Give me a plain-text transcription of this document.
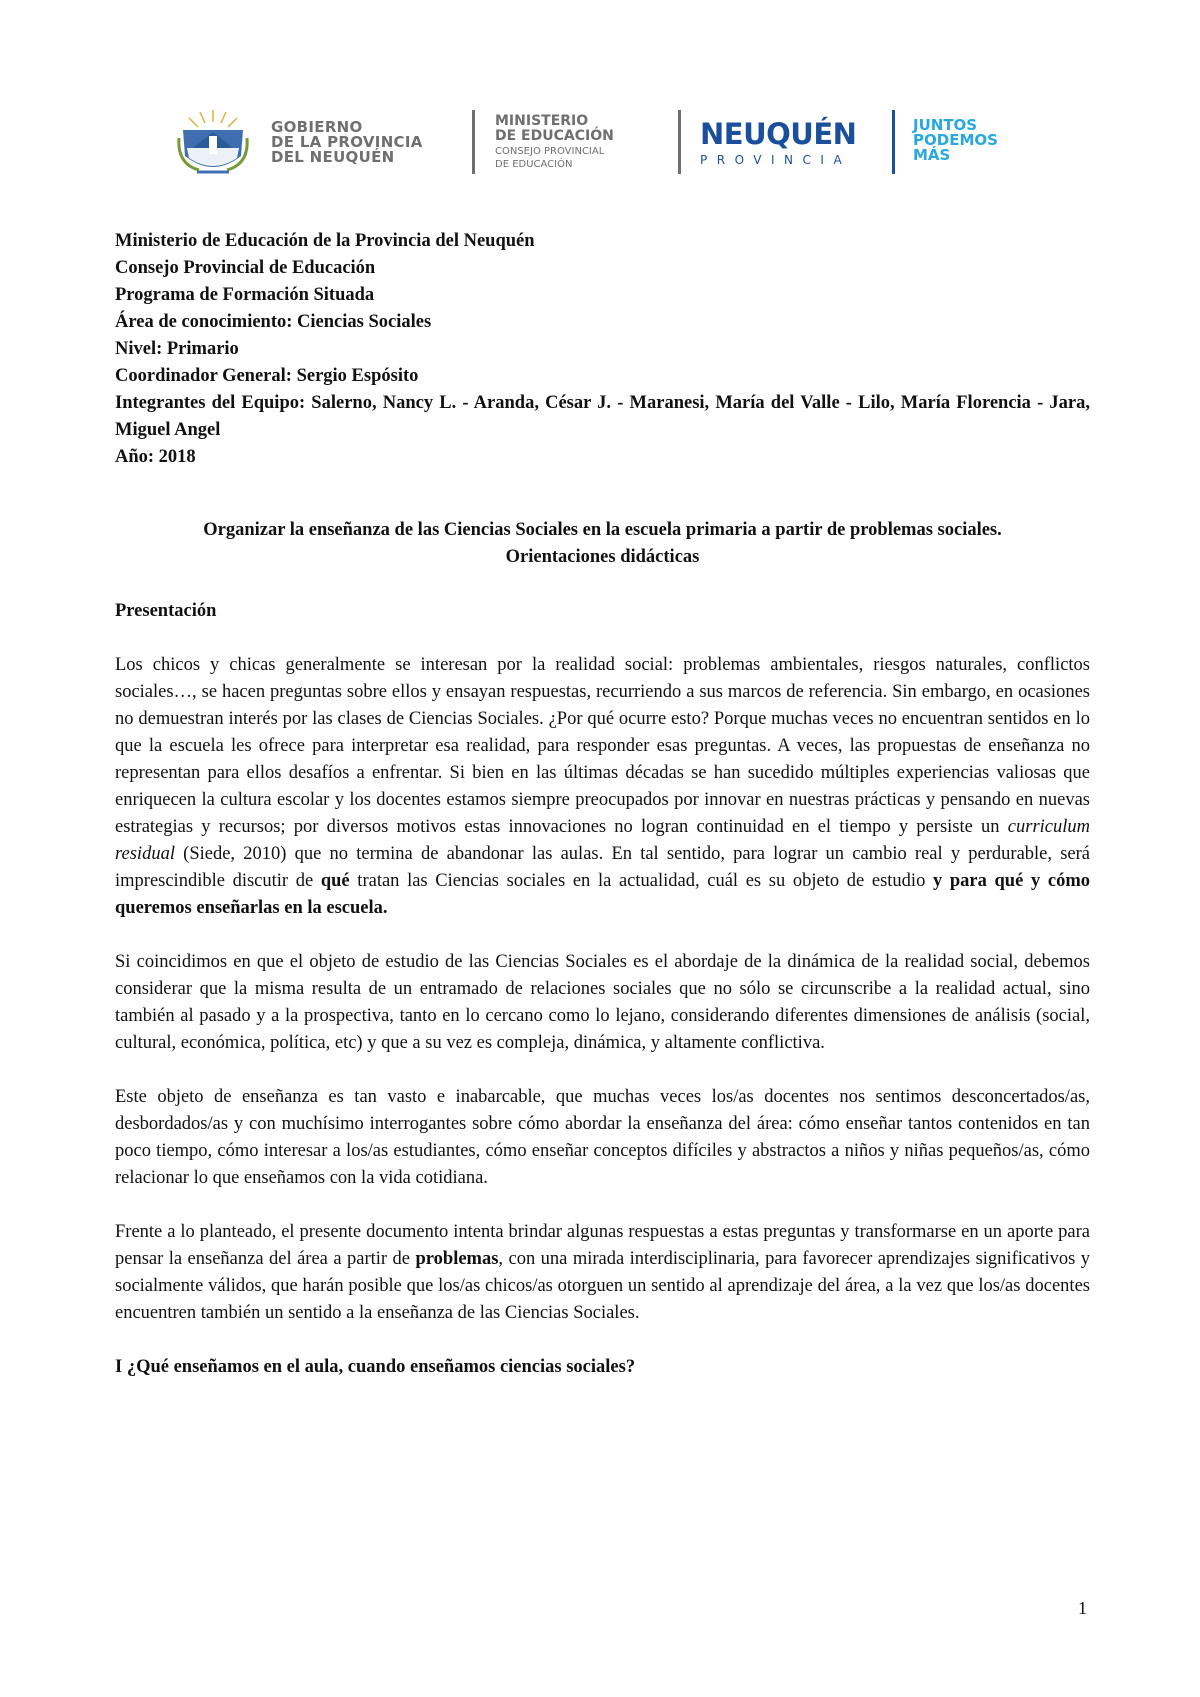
GOBIERNO
DE LA PROVINCIA
DEL NEUQUÉN
MINISTERIO
DE EDUCACIÓN
CONSEJO PROVINCIAL
DE EDUCACIÓN
NEUQUÉN
PROVINCIA
JUNTOS
PODEMOS
MÁS
Ministerio de Educación de la Provincia del Neuquén
Consejo Provincial de Educación
Programa de Formación Situada
Área de conocimiento: Ciencias Sociales
Nivel: Primario
Coordinador General: Sergio Espósito
Integrantes del Equipo: Salerno, Nancy L. - Aranda, César J. - Maranesi, María del Valle - Lilo, María Florencia - Jara, Miguel Angel
Año: 2018
Organizar la enseñanza de las Ciencias Sociales en la escuela primaria a partir de problemas sociales.
Orientaciones didácticas
Presentación

Los chicos y chicas generalmente se interesan por la realidad social: problemas ambientales, riesgos naturales, conflictos sociales…, se hacen preguntas sobre ellos y ensayan respuestas, recurriendo a sus marcos de referencia. Sin embargo, en ocasiones no demuestran interés por las clases de Ciencias Sociales. ¿Por qué ocurre esto? Porque muchas veces no encuentran sentidos en lo que la escuela les ofrece para interpretar esa realidad, para responder esas preguntas. A veces, las propuestas de enseñanza no representan para ellos desafíos a enfrentar. Si bien en las últimas décadas se han sucedido múltiples experiencias valiosas que enriquecen la cultura escolar y los docentes estamos siempre preocupados por innovar en nuestras prácticas y pensando en nuevas estrategias y recursos; por diversos motivos estas innovaciones no logran continuidad en el tiempo y persiste un curriculum residual (Siede, 2010) que no termina de abandonar las aulas. En tal sentido, para lograr un cambio real y perdurable, será imprescindible discutir de qué tratan las Ciencias sociales en la actualidad, cuál es su objeto de estudio y para qué y cómo queremos enseñarlas en la escuela.

Si coincidimos en que el objeto de estudio de las Ciencias Sociales es el abordaje de la dinámica de la realidad social, debemos considerar que la misma resulta de un entramado de relaciones sociales que no sólo se circunscribe a la realidad actual, sino también al pasado y a la prospectiva, tanto en lo cercano como lo lejano, considerando diferentes dimensiones de análisis (social, cultural, económica, política, etc) y que a su vez es compleja, dinámica, y altamente conflictiva.

Este objeto de enseñanza es tan vasto e inabarcable, que muchas veces los/as docentes nos sentimos desconcertados/as, desbordados/as y con muchísimo interrogantes sobre cómo abordar la enseñanza del área: cómo enseñar tantos contenidos en tan poco tiempo, cómo interesar a los/as estudiantes, cómo enseñar conceptos difíciles y abstractos a niños y niñas pequeños/as, cómo relacionar lo que enseñamos con la vida cotidiana.

Frente a lo planteado, el presente documento intenta brindar algunas respuestas a estas preguntas y transformarse en un aporte para pensar la enseñanza del área a partir de problemas, con una mirada interdisciplinaria, para favorecer aprendizajes significativos y socialmente válidos, que harán posible que los/as chicos/as otorguen un sentido al aprendizaje del área, a la vez que los/as docentes encuentren también un sentido a la enseñanza de las Ciencias Sociales.

I ¿Qué enseñamos en el aula, cuando enseñamos ciencias sociales?
1
